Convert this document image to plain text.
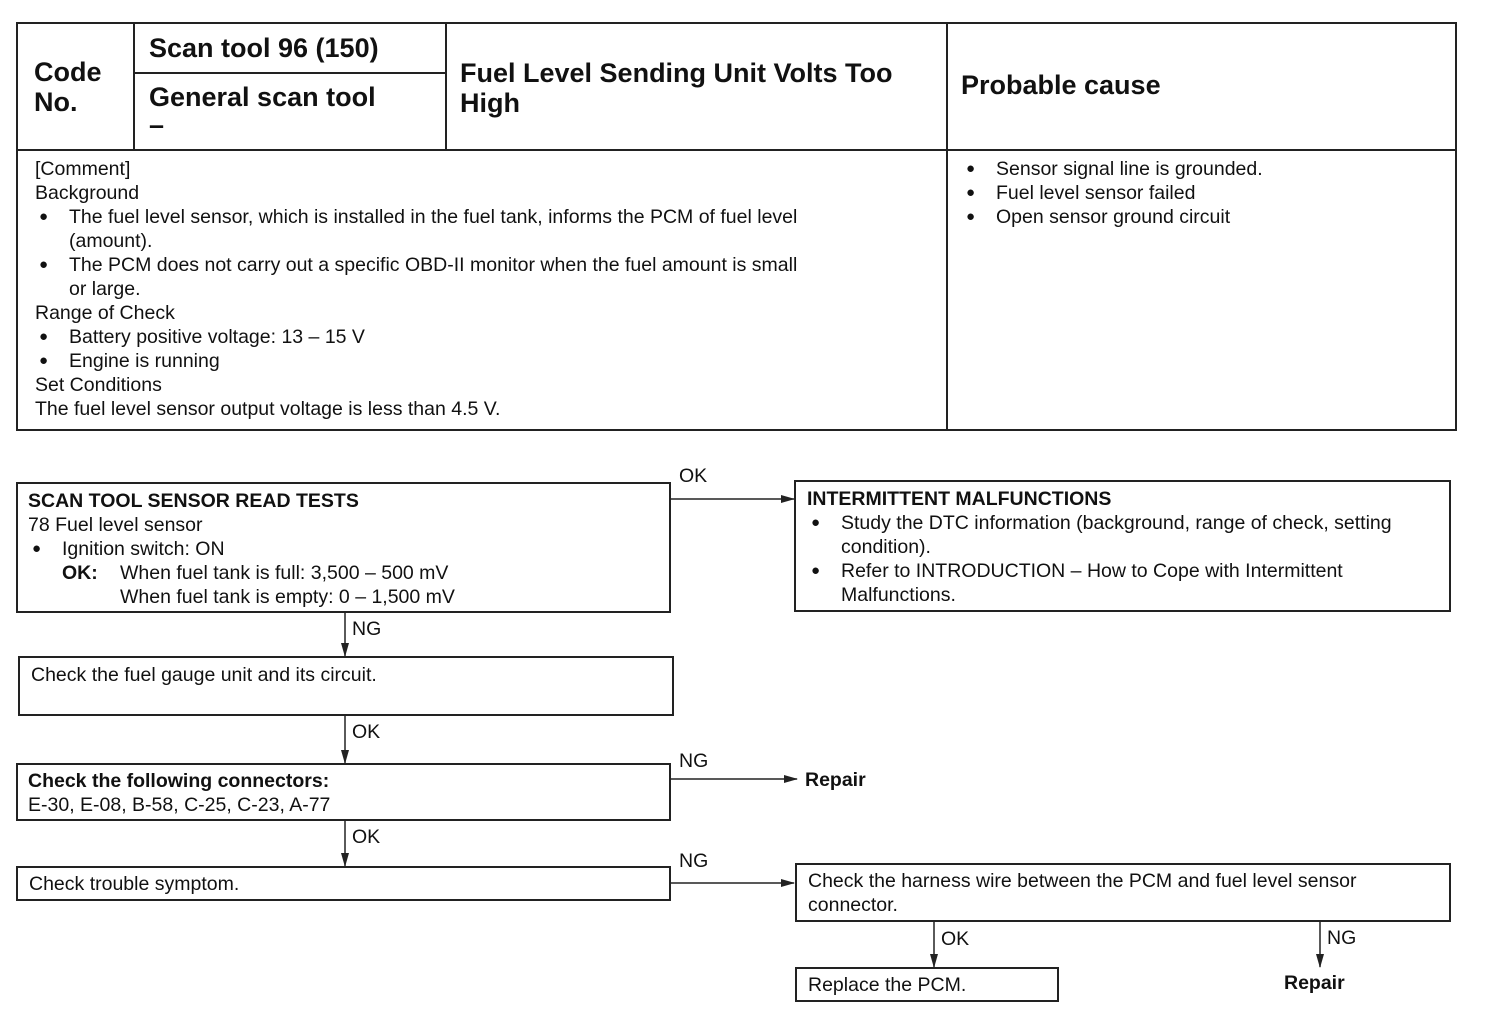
Code
No.
Scan tool 96 (150)
General scan tool
–
Fuel Level Sending Unit Volts Too
High
Probable cause
[Comment]
Background
● The fuel level sensor, which is installed in the fuel tank, informs the PCM of fuel level
(amount).
● The PCM does not carry out a specific OBD-II monitor when the fuel amount is small
or large.
Range of Check
● Battery positive voltage: 13 – 15 V
● Engine is running
Set Conditions
The fuel level sensor output voltage is less than 4.5 V.
● Sensor signal line is grounded.
● Fuel level sensor failed
● Open sensor ground circuit
SCAN TOOL SENSOR READ TESTS
78 Fuel level sensor
● Ignition switch: ON
OK: When fuel tank is full: 3,500 – 500 mV
When fuel tank is empty: 0 – 1,500 mV
INTERMITTENT MALFUNCTIONS
● Study the DTC information (background, range of check, setting
condition).
● Refer to INTRODUCTION – How to Cope with Intermittent
Malfunctions.
Check the fuel gauge unit and its circuit.
Check the following connectors:
E-30, E-08, B-58, C-25, C-23, A-77
Check trouble symptom.	Check the harness wire between the PCM and fuel level sensor
connector.
Replace the PCM.
Repair
Repair
OK
NG
OK
NG
OK
NG
OK	NG
